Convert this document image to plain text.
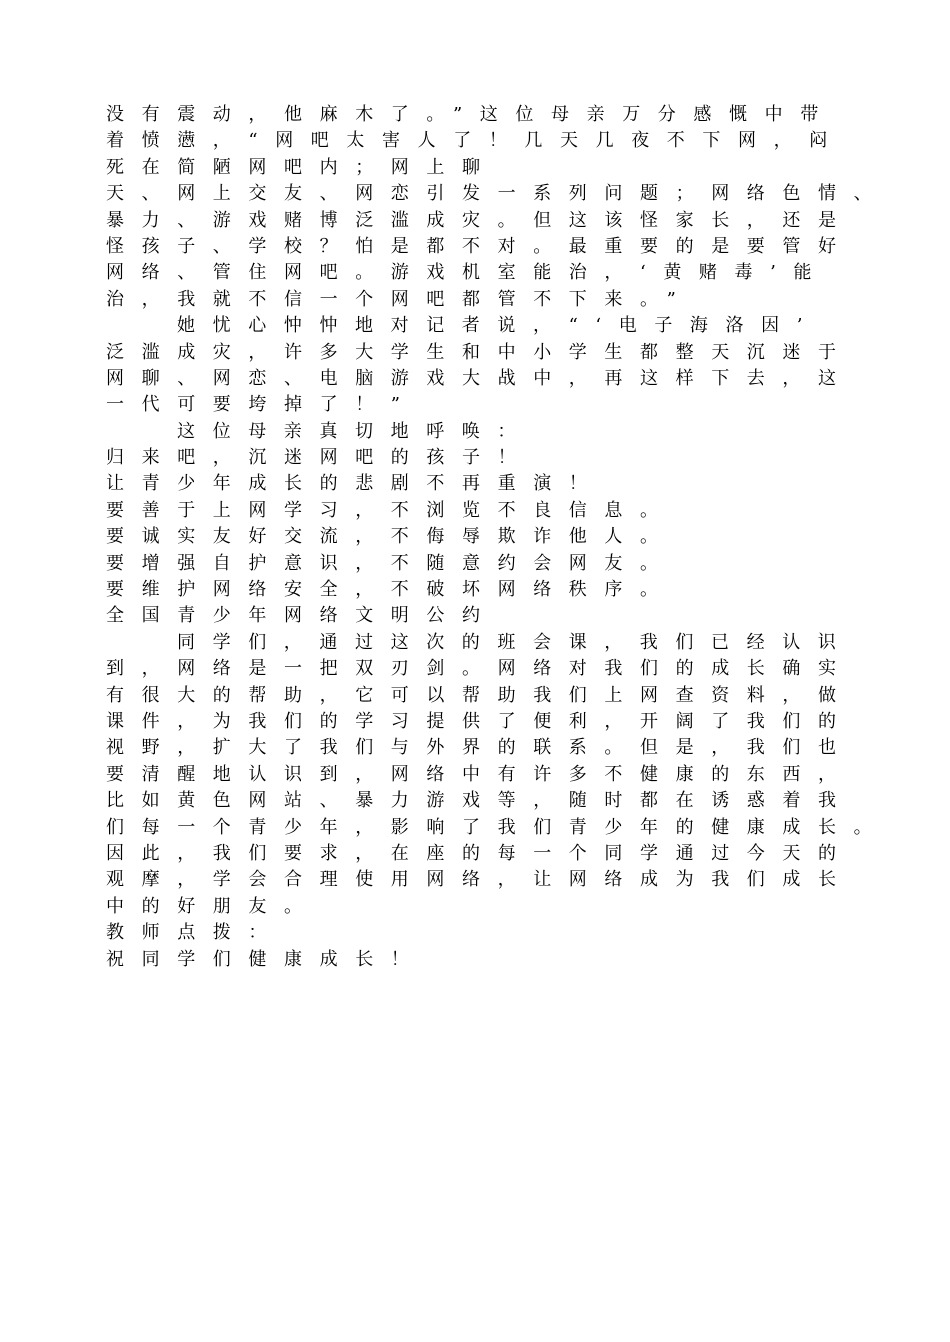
没有震动，他麻木了。”这位母亲万分感慨中带
着愤懑，“网吧太害人了！几天几夜不下网，闷
死在简陋网吧内；网上聊
天、网上交友、网恋引发一系列问题；网络色情、
暴力、游戏赌博泛滥成灾。但这该怪家长，还是
怪孩子、学校？怕是都不对。最重要的是要管好
网络、管住网吧。游戏机室能治，‘黄赌毒’能
治，我就不信一个网吧都管不下来。”
她忧心忡忡地对记者说，“‘电子海洛因’
泛滥成灾，许多大学生和中小学生都整天沉迷于
网聊、网恋、电脑游戏大战中，再这样下去，这
一代可要垮掉了！”
这位母亲真切地呼唤：
归来吧，沉迷网吧的孩子！
让青少年成长的悲剧不再重演！
要善于上网学习，不浏览不良信息。
要诚实友好交流，不侮辱欺诈他人。
要增强自护意识，不随意约会网友。
要维护网络安全，不破坏网络秩序。
全国青少年网络文明公约
同学们，通过这次的班会课，我们已经认识
到，网络是一把双刃剑。网络对我们的成长确实
有很大的帮助，它可以帮助我们上网查资料，做
课件，为我们的学习提供了便利，开阔了我们的
视野，扩大了我们与外界的联系。但是，我们也
要清醒地认识到，网络中有许多不健康的东西，
比如黄色网站、暴力游戏等，随时都在诱惑着我
们每一个青少年，影响了我们青少年的健康成长。
因此，我们要求，在座的每一个同学通过今天的
观摩，学会合理使用网络，让网络成为我们成长
中的好朋友。
教师点拨：
祝同学们健康成长！
